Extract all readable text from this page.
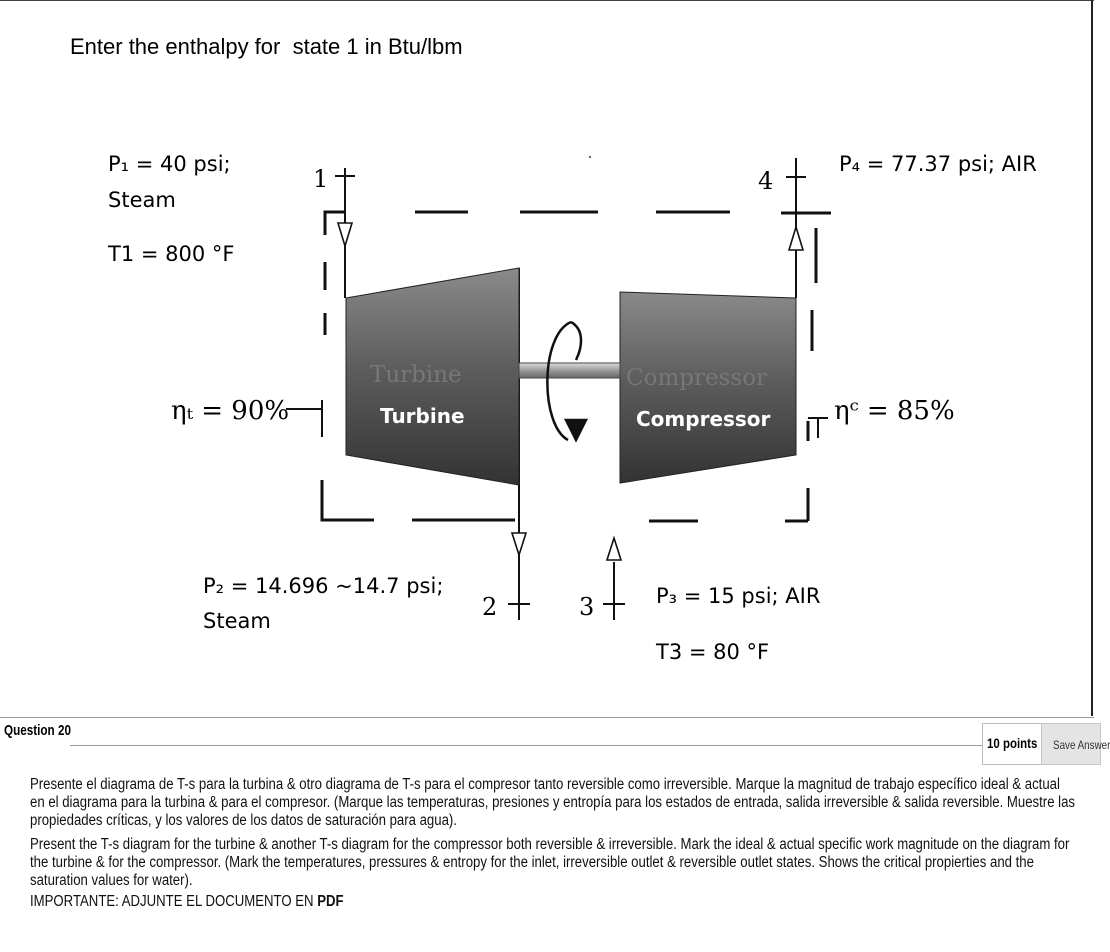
Enter the enthalpy for  state 1 in Btu/lbm
Turbine
Turbine
Compressor
Compressor
1	4
2	3
ηₜ = 90%	ηᶜ = 85%
P₁ = 40 psi;
Steam
T1 = 800 °F
P₄ = 77.37 psi; AIR
P₂ = 14.696 ~14.7 psi;
Steam
P₃ = 15 psi; AIR
T3 = 80 °F
Question 20
10 points Save Answer
Presente el diagrama de T-s para la turbina & otro diagrama de T-s para el compresor tanto reversible como irreversible. Marque la magnitud de trabajo específico ideal & actual en el diagrama para la turbina & para el compresor. (Marque las temperaturas, presiones y entropía para los estados de entrada, salida irreversible & salida reversible. Muestre las propiedades críticas, y los valores de los datos de saturación para agua).
Present the T-s diagram for the turbine & another T-s diagram for the compressor both reversible & irreversible. Mark the ideal & actual specific work magnitude on the diagram for the turbine & for the compressor. (Mark the temperatures, pressures & entropy for the inlet, irreversible outlet & reversible outlet states. Shows the critical propierties and the saturation values for water).
IMPORTANTE: ADJUNTE EL DOCUMENTO EN PDF
